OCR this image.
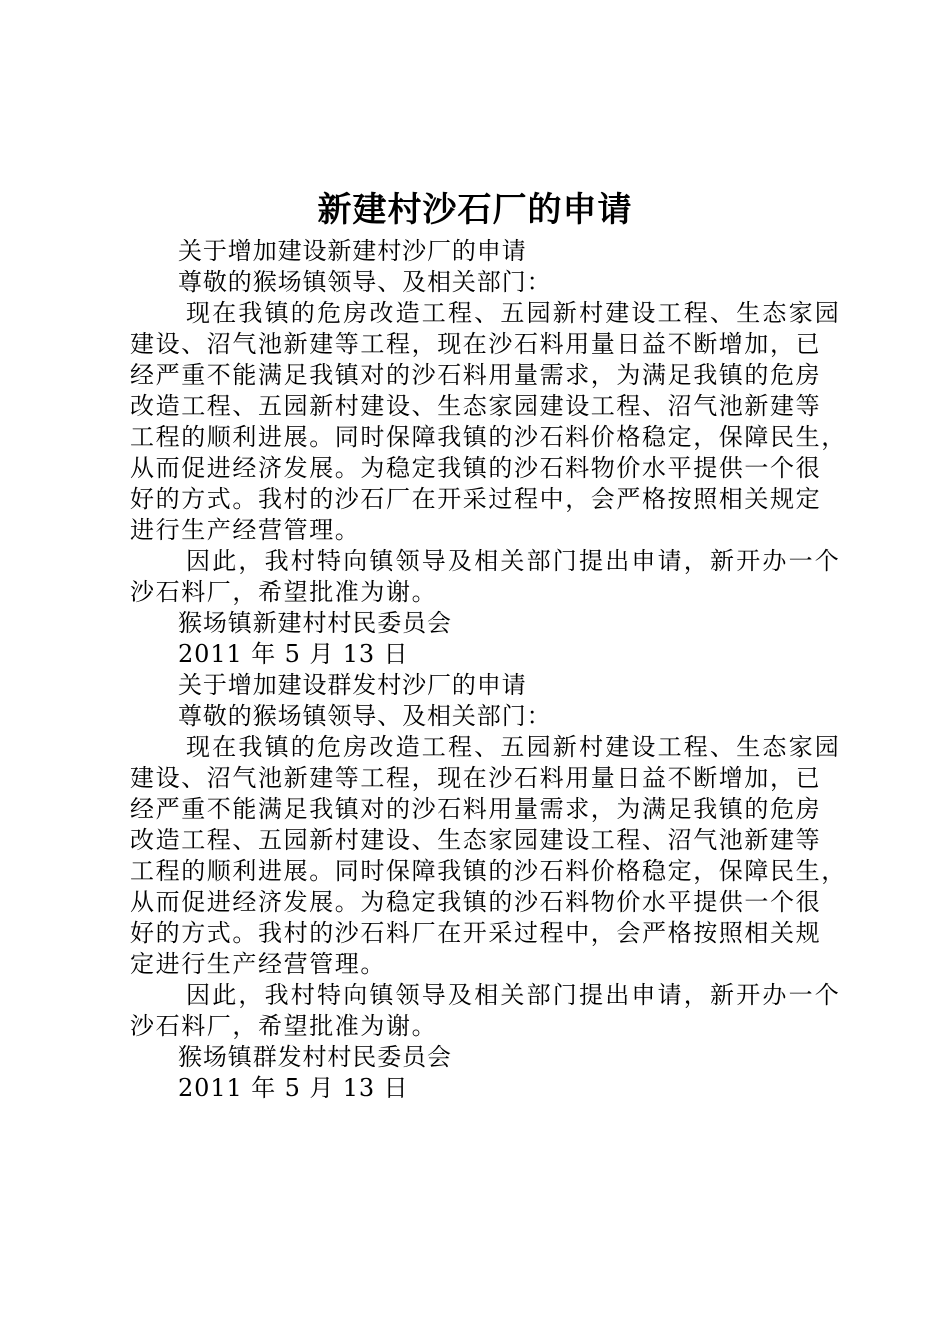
新建村沙石厂的申请
关于增加建设新建村沙厂的申请
尊敬的猴场镇领导、及相关部门：
现在我镇的危房改造工程、五园新村建设工程、生态家园
建设、沼气池新建等工程，现在沙石料用量日益不断增加，已
经严重不能满足我镇对的沙石料用量需求，为满足我镇的危房
改造工程、五园新村建设、生态家园建设工程、沼气池新建等
工程的顺利进展。同时保障我镇的沙石料价格稳定，保障民生，
从而促进经济发展。为稳定我镇的沙石料物价水平提供一个很
好的方式。我村的沙石厂在开采过程中，会严格按照相关规定
进行生产经营管理。
因此，我村特向镇领导及相关部门提出申请，新开办一个
沙石料厂，希望批准为谢。
猴场镇新建村村民委员会
2011 年 5 月 13 日
关于增加建设群发村沙厂的申请
尊敬的猴场镇领导、及相关部门：
现在我镇的危房改造工程、五园新村建设工程、生态家园
建设、沼气池新建等工程，现在沙石料用量日益不断增加，已
经严重不能满足我镇对的沙石料用量需求，为满足我镇的危房
改造工程、五园新村建设、生态家园建设工程、沼气池新建等
工程的顺利进展。同时保障我镇的沙石料价格稳定，保障民生，
从而促进经济发展。为稳定我镇的沙石料物价水平提供一个很
好的方式。我村的沙石料厂在开采过程中，会严格按照相关规
定进行生产经营管理。
因此，我村特向镇领导及相关部门提出申请，新开办一个
沙石料厂，希望批准为谢。
猴场镇群发村村民委员会
2011 年 5 月 13 日
